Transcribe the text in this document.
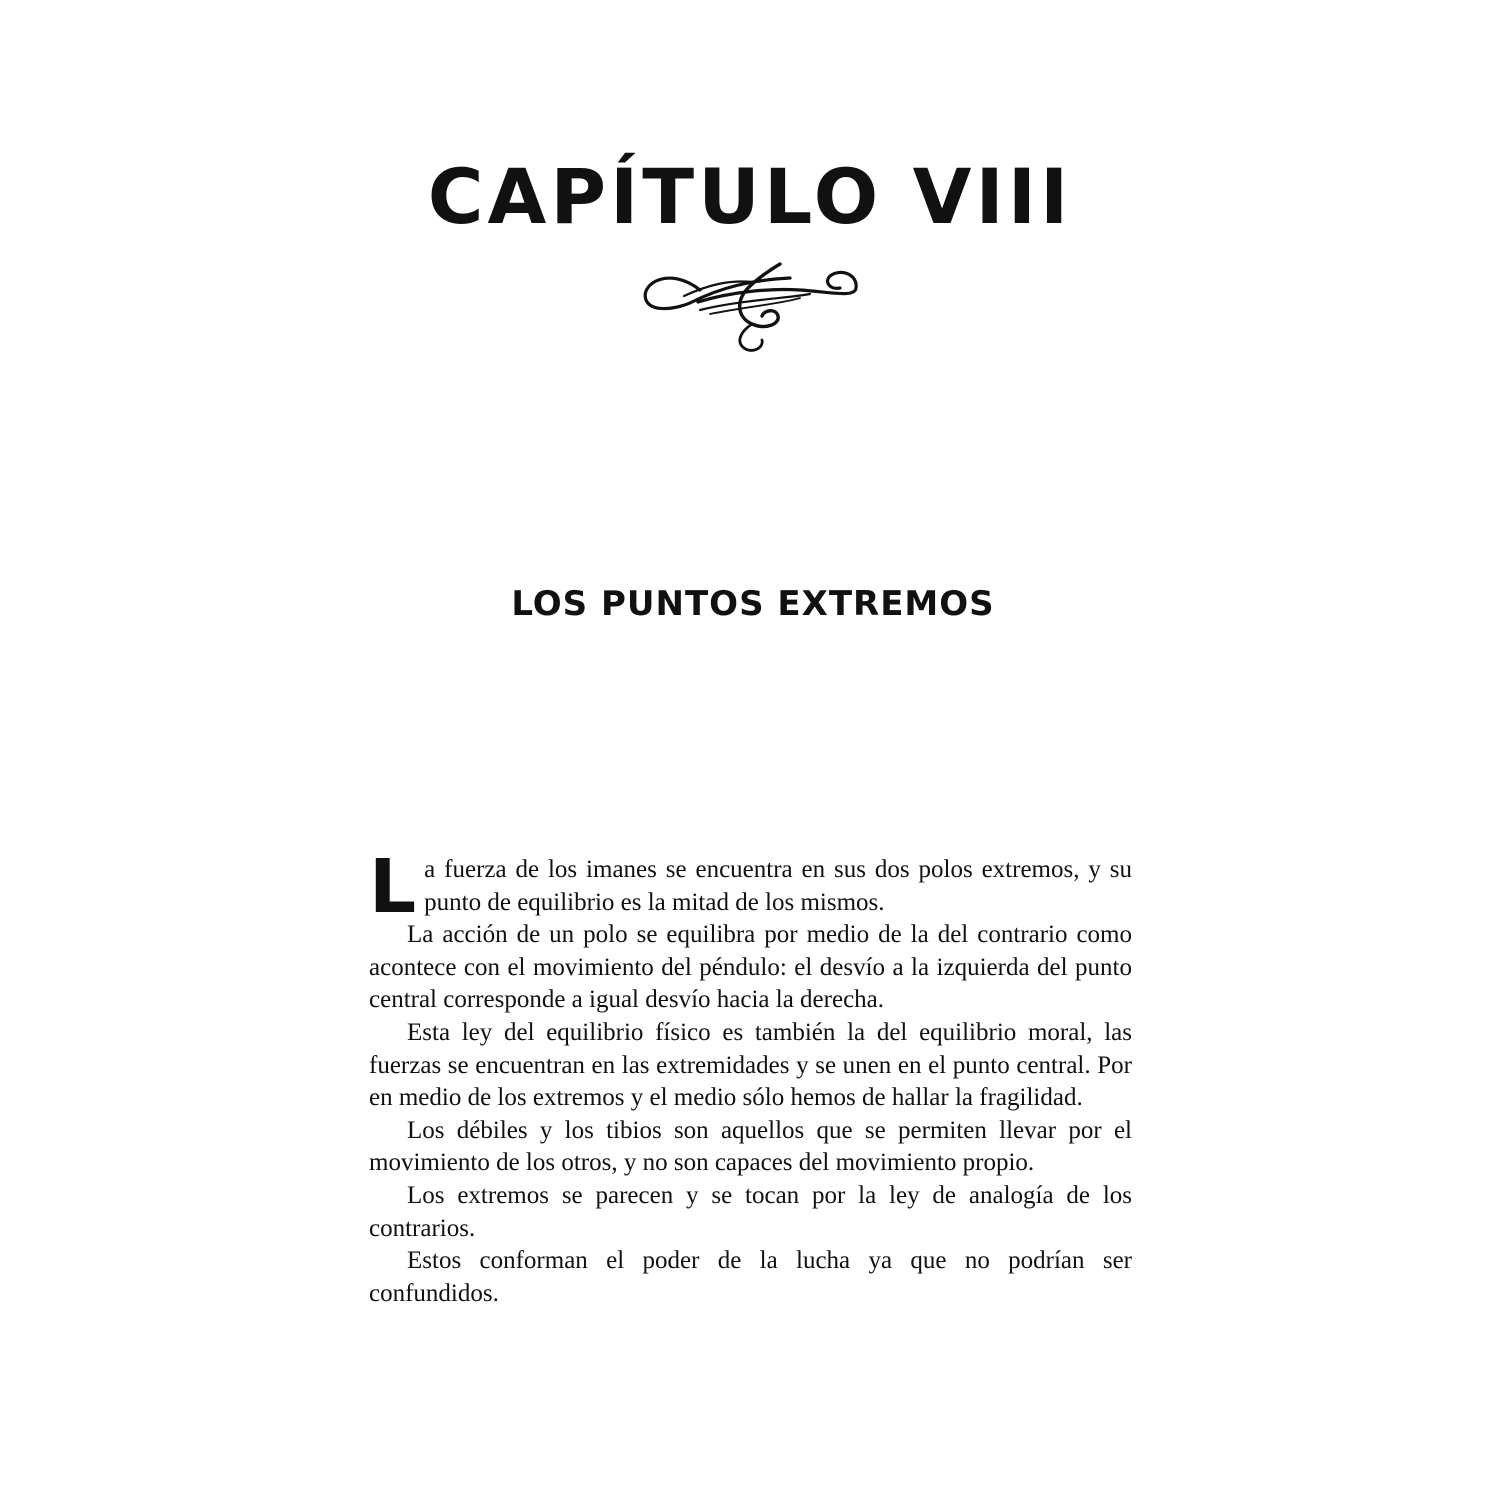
CAPÍTULO VIII
LOS PUNTOS EXTREMOS

La fuerza de los imanes se encuentra en sus dos polos extremos, y su punto de equilibrio es la mitad de los mismos.

La acción de un polo se equilibra por medio de la del contrario como acontece con el movimiento del péndulo: el desvío a la izquierda del punto central corresponde a igual desvío hacia la derecha.

Esta ley del equilibrio físico es también la del equilibrio moral, las fuerzas se encuentran en las extremidades y se unen en el punto central. Por en medio de los extremos y el medio sólo hemos de hallar la fragilidad.

Los débiles y los tibios son aquellos que se permiten llevar por el movimiento de los otros, y no son capaces del movimiento propio.

Los extremos se parecen y se tocan por la ley de analogía de los contrarios.

Estos conforman el poder de la lucha ya que no podrían ser confundidos.
